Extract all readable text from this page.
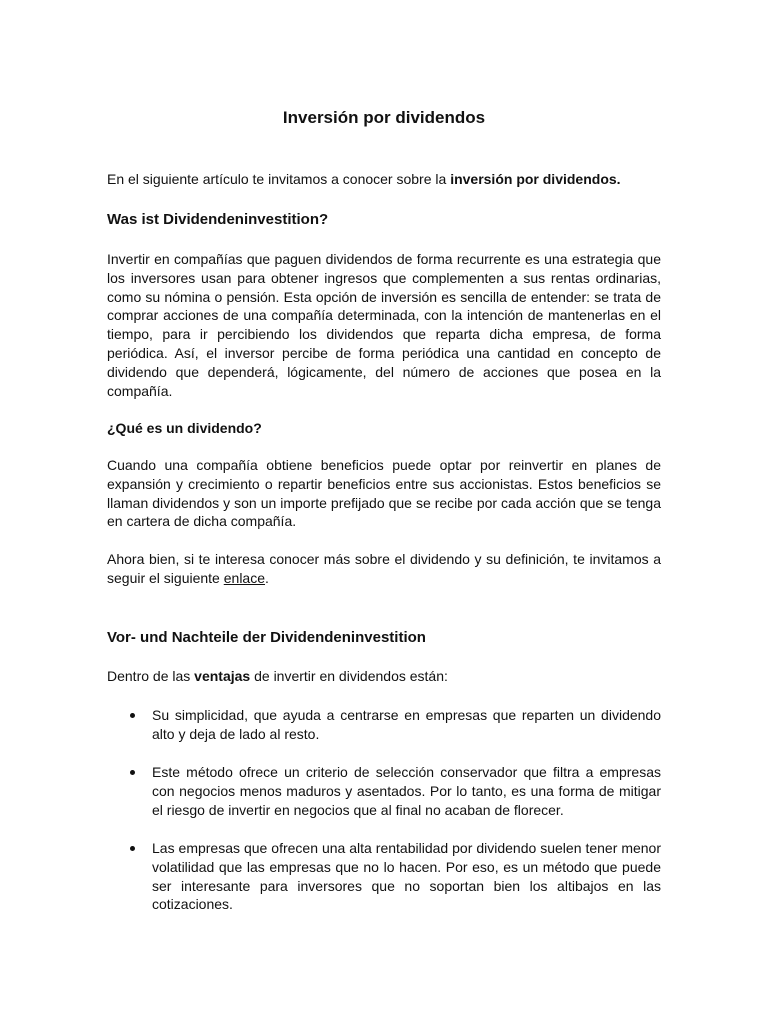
Inversión por dividendos

En el siguiente artículo te invitamos a conocer sobre la inversión por dividendos.

Was ist Dividendeninvestition?

Invertir en compañías que paguen dividendos de forma recurrente es una estrategia que los inversores usan para obtener ingresos que complementen a sus rentas ordinarias, como su nómina o pensión. Esta opción de inversión es sencilla de entender: se trata de comprar acciones de una compañía determinada, con la intención de mantenerlas en el tiempo, para ir percibiendo los dividendos que reparta dicha empresa, de forma periódica. Así, el inversor percibe de forma periódica una cantidad en concepto de dividendo que dependerá, lógicamente, del número de acciones que posea en la compañía.

¿Qué es un dividendo?

Cuando una compañía obtiene beneficios puede optar por reinvertir en planes de expansión y crecimiento o repartir beneficios entre sus accionistas. Estos beneficios se llaman dividendos y son un importe prefijado que se recibe por cada acción que se tenga en cartera de dicha compañía.

Ahora bien, si te interesa conocer más sobre el dividendo y su definición, te invitamos a seguir el siguiente enlace.

Vor- und Nachteile der Dividendeninvestition

Dentro de las ventajas de invertir en dividendos están:

Su simplicidad, que ayuda a centrarse en empresas que reparten un dividendo alto y deja de lado al resto.
Este método ofrece un criterio de selección conservador que filtra a empresas con negocios menos maduros y asentados. Por lo tanto, es una forma de mitigar el riesgo de invertir en negocios que al final no acaban de florecer.
Las empresas que ofrecen una alta rentabilidad por dividendo suelen tener menor volatilidad que las empresas que no lo hacen. Por eso, es un método que puede ser interesante para inversores que no soportan bien los altibajos en las cotizaciones.
